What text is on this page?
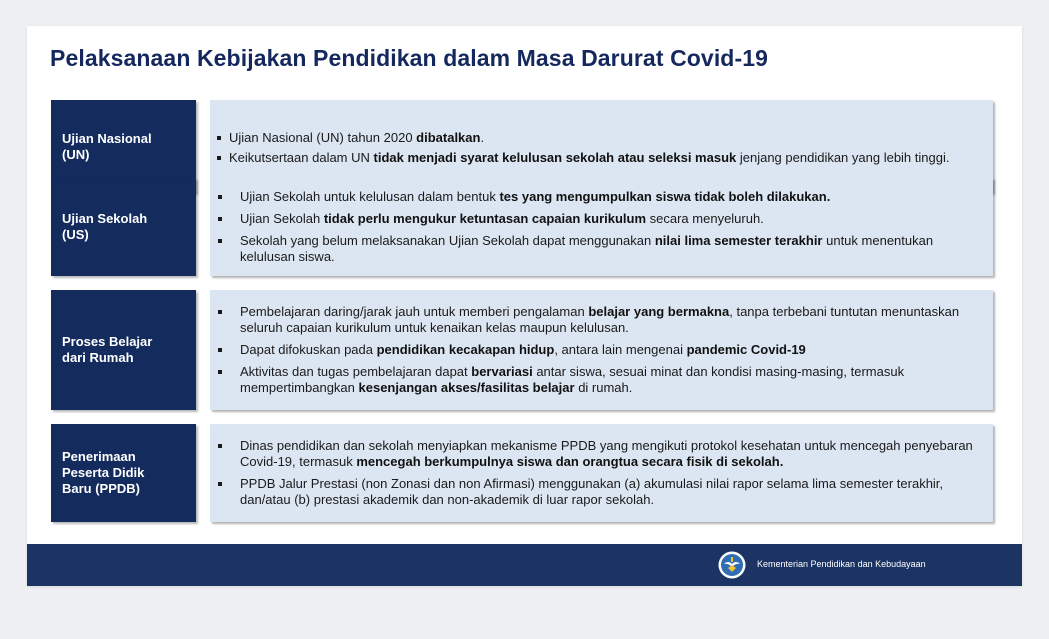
Pelaksanaan Kebijakan Pendidikan dalam Masa Darurat Covid-19
Ujian Nasional
(UN)
Ujian Nasional (UN) tahun 2020 dibatalkan.
Keikutsertaan dalam UN tidak menjadi syarat kelulusan sekolah atau seleksi masuk jenjang pendidikan yang lebih tinggi.
Ujian Sekolah
(US)
Ujian Sekolah untuk kelulusan dalam bentuk tes yang mengumpulkan siswa tidak boleh dilakukan.
Ujian Sekolah tidak perlu mengukur ketuntasan capaian kurikulum secara menyeluruh.
Sekolah yang belum melaksanakan Ujian Sekolah dapat menggunakan nilai lima semester terakhir untuk menentukan kelulusan siswa.
Proses Belajar
dari Rumah
Pembelajaran daring/jarak jauh untuk memberi pengalaman belajar yang bermakna, tanpa terbebani tuntutan menuntaskan seluruh capaian kurikulum untuk kenaikan kelas maupun kelulusan.
Dapat difokuskan pada pendidikan kecakapan hidup, antara lain mengenai pandemic Covid-19
Aktivitas dan tugas pembelajaran dapat bervariasi antar siswa, sesuai minat dan kondisi masing-masing, termasuk mempertimbangkan kesenjangan akses/fasilitas belajar di rumah.
Penerimaan
Peserta Didik
Baru (PPDB)
Dinas pendidikan dan sekolah menyiapkan mekanisme PPDB yang mengikuti protokol kesehatan untuk mencegah penyebaran Covid-19, termasuk mencegah berkumpulnya siswa dan orangtua secara fisik di sekolah.
PPDB Jalur Prestasi (non Zonasi dan non Afirmasi) menggunakan (a) akumulasi nilai rapor selama lima semester terakhir, dan/atau (b) prestasi akademik dan non-akademik di luar rapor sekolah.
Kementerian Pendidikan dan Kebudayaan
